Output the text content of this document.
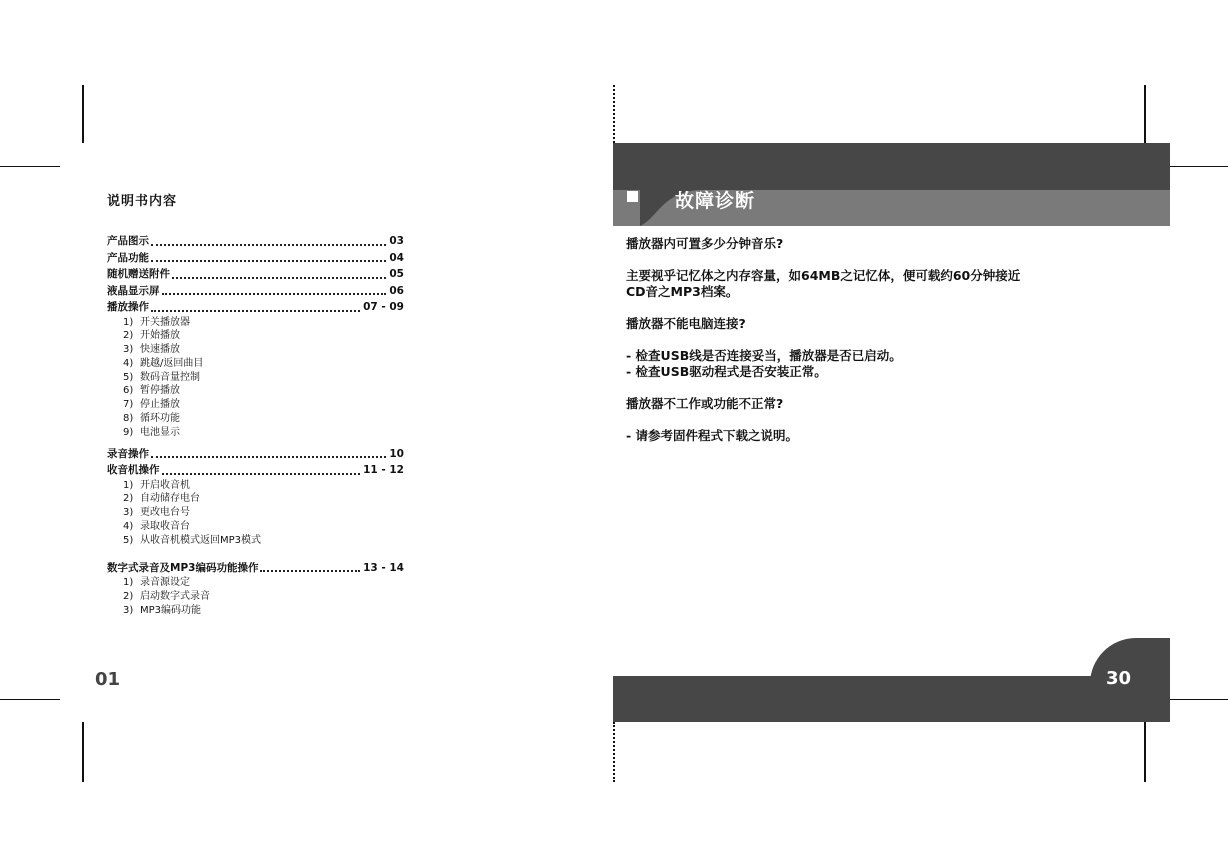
说明书内容
产品图示	03
产品功能	04
随机赠送附件	05
液晶显示屏	06
播放操作	07 - 09
1) 开关播放器
2) 开始播放
3) 快速播放
4) 跳越/返回曲目
5) 数码音量控制
6) 暂停播放
7) 停止播放
8) 循环功能
9) 电池显示
录音操作	10
收音机操作	11 - 12
1) 开启收音机
2) 自动储存电台
3) 更改电台号
4) 录取收音台
5) 从收音机模式返回MP3模式
数字式录音及MP3编码功能操作	13 - 14
1) 录音源设定
2) 启动数字式录音
3) MP3编码功能
01
故障诊断
播放器内可置多少分钟音乐?
主要视乎记忆体之内存容量，如64MB之记忆体，便可载约60分钟接近
CD音之MP3档案。
播放器不能电脑连接?
- 检查USB线是否连接妥当，播放器是否已启动。
- 检查USB驱动程式是否安装正常。
播放器不工作或功能不正常?
- 请参考固件程式下载之说明。
30
